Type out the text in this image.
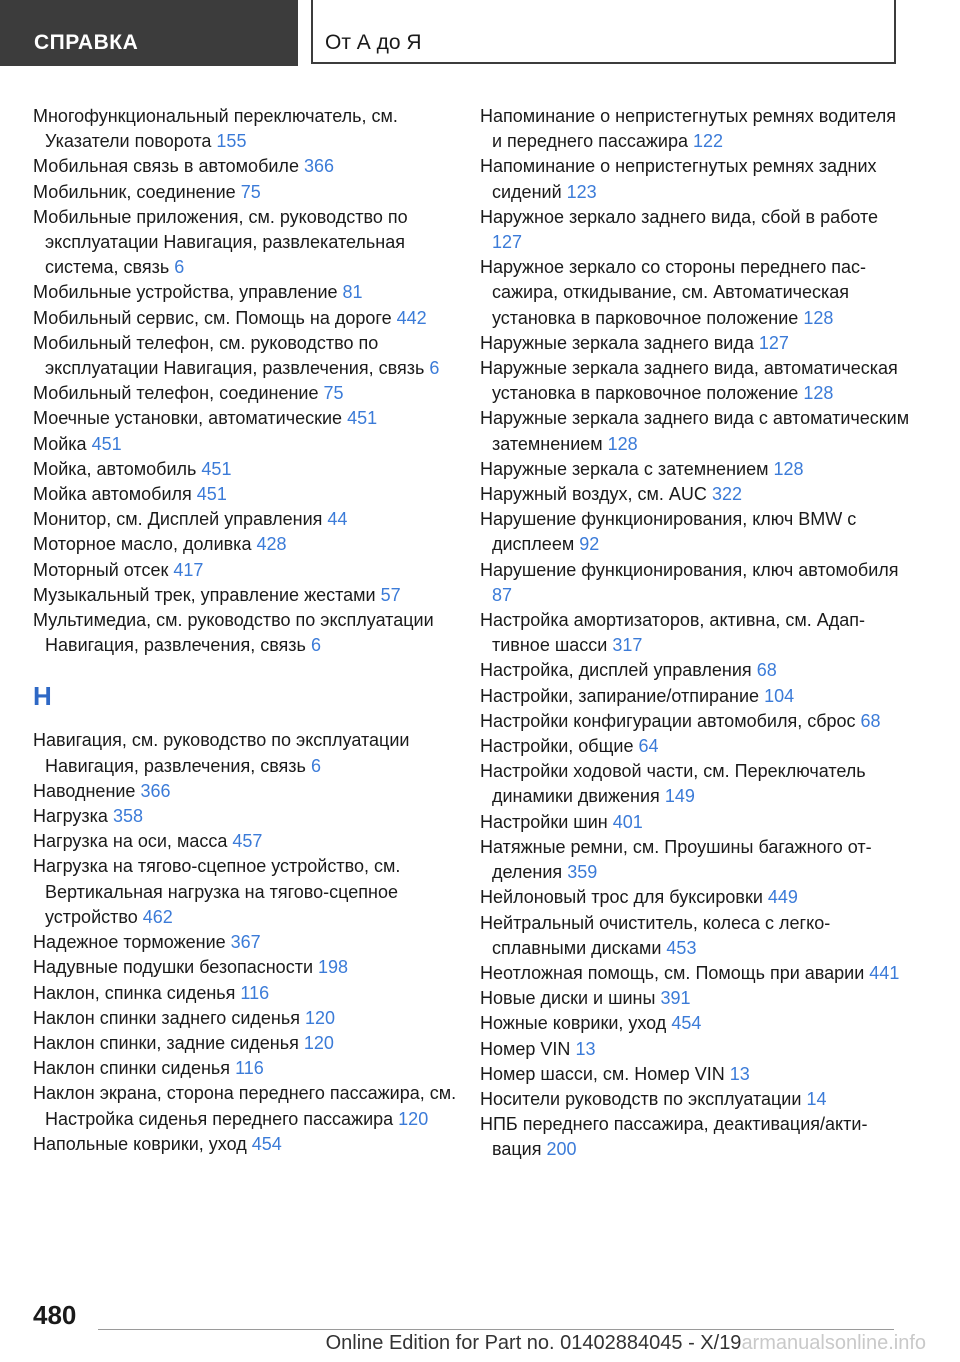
СПРАВКА	От А до Я
Многофункциональный переключатель, см. Указатели поворота 155
Мобильная связь в автомобиле 366
Мобильник, соединение 75
Мобильные приложения, см. руководство по эксплуатации Навигация, развлекательная система, связь 6
Мобильные устройства, управление 81
Мобильный сервис, см. Помощь на дороге 442
Мобильный телефон, см. руководство по эксплуатации Навигация, развлечения, связь 6
Мобильный телефон, соединение 75
Моечные установки, автоматические 451
Мойка 451
Мойка, автомобиль 451
Мойка автомобиля 451
Монитор, см. Дисплей управления 44
Моторное масло, доливка 428
Моторный отсек 417
Музыкальный трек, управление жестами 57
Мультимедиа, см. руководство по эксплуатации Навигация, развлечения, связь 6
Н
Навигация, см. руководство по эксплуатации Навигация, развлечения, связь 6
Наводнение 366
Нагрузка 358
Нагрузка на оси, масса 457
Нагрузка на тягово-сцепное устройство, см. Вертикальная нагрузка на тягово-сцепное устройство 462
Надежное торможение 367
Надувные подушки безопасности 198
Наклон, спинка сиденья 116
Наклон спинки заднего сиденья 120
Наклон спинки, задние сиденья 120
Наклон спинки сиденья 116
Наклон экрана, сторона переднего пассажира, см. Настройка сиденья переднего пассажира 120
Напольные коврики, уход 454
Напоминание о непристегнутых ремнях водителя и переднего пассажира 122
Напоминание о непристегнутых ремнях задних сидений 123
Наружное зеркало заднего вида, сбой в работе 127
Наружное зеркало со стороны переднего пассажира, откидывание, см. Автоматическая установка в парковочное положение 128
Наружные зеркала заднего вида 127
Наружные зеркала заднего вида, автоматическая установка в парковочное положение 128
Наружные зеркала заднего вида с автоматическим затемнением 128
Наружные зеркала с затемнением 128
Наружный воздух, см. AUC 322
Нарушение функционирования, ключ BMW с дисплеем 92
Нарушение функционирования, ключ автомобиля 87
Настройка амортизаторов, активна, см. Адаптивное шасси 317
Настройка, дисплей управления 68
Настройки, запирание/отпирание 104
Настройки конфигурации автомобиля, сброс 68
Настройки, общие 64
Настройки ходовой части, см. Переключатель динамики движения 149
Настройки шин 401
Натяжные ремни, см. Проушины багажного отделения 359
Нейлоновый трос для буксировки 449
Нейтральный очиститель, колеса с легкосплавными дисками 453
Неотложная помощь, см. Помощь при аварии 441
Новые диски и шины 391
Ножные коврики, уход 454
Номер VIN 13
Номер шасси, см. Номер VIN 13
Носители руководств по эксплуатации 14
НПБ переднего пассажира, деактивация/активация 200
480
Online Edition for Part no. 01402884045 - X/19armanualsonline.info
